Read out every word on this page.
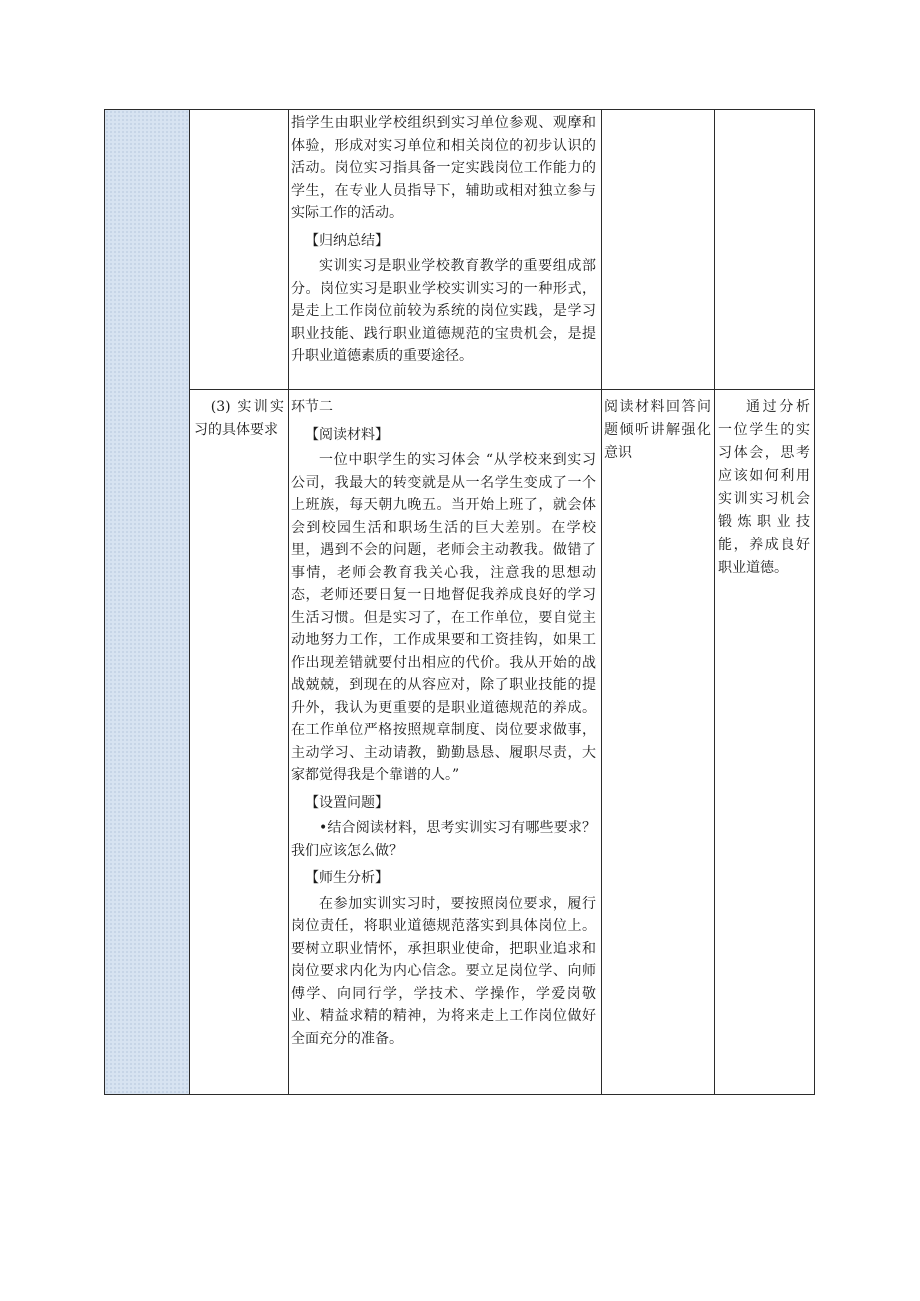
指学生由职业学校组织到实习单位参观、观摩和体验，形成对实习单位和相关岗位的初步认识的活动。岗位实习指具备一定实践岗位工作能力的学生，在专业人员指导下，辅助或相对独立参与实际工作的活动。

【归纳总结】

实训实习是职业学校教育教学的重要组成部分。岗位实习是职业学校实训实习的一种形式，是走上工作岗位前较为系统的岗位实践，是学习职业技能、践行职业道德规范的宝贵机会，是提升职业道德素质的重要途径。

(3) 实训实习的具体要求

环节二

【阅读材料】

一位中职学生的实习体会 “从学校来到实习公司，我最大的转变就是从一名学生变成了一个上班族，每天朝九晚五。当开始上班了，就会体会到校园生活和职场生活的巨大差别。在学校里，遇到不会的问题，老师会主动教我。做错了事情，老师会教育我关心我，注意我的思想动态，老师还要日复一日地督促我养成良好的学习生活习惯。但是实习了，在工作单位，要自觉主动地努力工作，工作成果要和工资挂钩，如果工作出现差错就要付出相应的代价。我从开始的战战兢兢，到现在的从容应对，除了职业技能的提升外，我认为更重要的是职业道德规范的养成。在工作单位严格按照规章制度、岗位要求做事，主动学习、主动请教，勤勤恳恳、履职尽责，大家都觉得我是个靠谱的人。”

【设置问题】

•结合阅读材料，思考实训实习有哪些要求？我们应该怎么做？

【师生分析】

在参加实训实习时，要按照岗位要求，履行岗位责任，将职业道德规范落实到具体岗位上。要树立职业情怀，承担职业使命，把职业追求和岗位要求内化为内心信念。要立足岗位学、向师傅学、向同行学，学技术、学操作，学爱岗敬业、精益求精的精神，为将来走上工作岗位做好全面充分的准备。

阅读材料回答问题倾听讲解强化意识

通过分析一位学生的实习体会，思考应该如何利用实训实习机会锻炼职业技能，养成良好职业道德。
